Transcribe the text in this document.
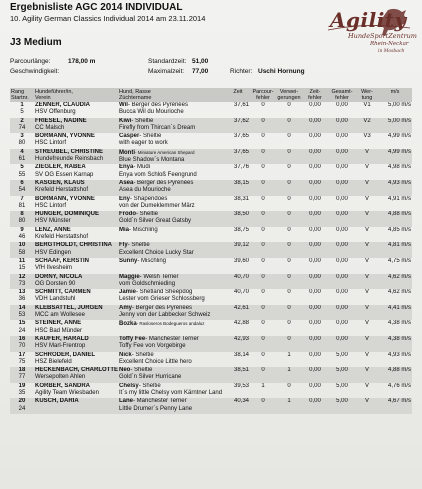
Ergebnisliste AGC 2014 INDIVIDUAL
10. Agility German Classics Individual 2014 am 23.11.2014	Agility
HundeSportZentrum
Rhein-Neckar
in Mosbach
J3 Medium
Parcourlänge:	178,00 m
Geschwindigkeit:
Standardzeit: 51,00
Maximalzeit: 77,00	Richter: Uschi Hornung
Rang
Startnr.	Hundeführer/in,
Verein	Hund, Rasse
Züchtername	Zeit	Parcour-fehler	Verwei-gerungen	Zeit-fehler	Gesamt-fehler	Wer-tung	m/s

1
5	ZENNER, CLAUDIA
HSV Offenburg	Wil- Berger des Pyrénées
Bucca Wil du Mourioche	37,61	0	0	0,00	0,00	V1	5,00 m/s

2
74	FRIESEL, NADINE
CC Malsch	Kiwi- Sheltie
Firefly from Thircan´s Dream	37,62	0	0	0,00	0,00	V2	5,00 m/s

3
80	BORMANN, YVONNE
HSC Lintorf	Casper- Sheltie
with eager to work	37,65	0	0	0,00	0,00	V3	4,99 m/s

4
61	STREUBEL, CHRISTINE
Hundefreunde Reinsbach	Monti- Miniature American Shepard
Blue Shadow´s Montana	37,65	0	0	0,00	0,00	V	4,99 m/s

5
55	ZIEGLER, RABEA
SV OG Essen Karnap	Enya- Mudi
Enya vom Schloß Feengrund	37,76	0	0	0,00	0,00	V	4,98 m/s

6
54	KÄSGEN, KLAUS
Krefeld Herstattshof	Asea- Berger des Pyrénées
Asea du Mourioche	38,15	0	0	0,00	0,00	V	4,93 m/s

7
81	BORMANN, YVONNE
HSC Lintorf	Eny- Shapendoes
von der Dumeklemmer März	38,31	0	0	0,00	0,00	V	4,91 m/s

8
80	HUNGER, DOMINIQUE
HSV Münster	Frodo- Sheltie
Gold´n Silver Great Gatsby	38,50	0	0	0,00	0,00	V	4,88 m/s

9
46	LENZ, ANNE
Krefeld Herstattshof	Mia- Mischling	38,75	0	0	0,00	0,00	V	4,85 m/s

10
58	BERGTHOLDT, CHRISTINA
HSV Edingen	Fly- Sheltie
Excellent Choice Lucky Star	39,12	0	0	0,00	0,00	V	4,81 m/s

11
15	SCHAAF, KERSTIN
VfH Ilvesheim	Sunny- Mischling	39,60	0	0	0,00	0,00	V	4,75 m/s

12
73	DORNY, NICOLA
OG Dorsten 90	Maggie- Welsh Terrier
vom Goldschmieding	40,70	0	0	0,00	0,00	V	4,62 m/s

13
36	SCHMITT, CARMEN
VDH Landstuhl	Jamie- Shetland Sheepdog
Lester vom Grieser Schlossberg	40,70	0	0	0,00	0,00	V	4,62 m/s

14
53	KLEBSATTEL, JÜRGEN
MCC am Wollesee	Amy- Berger des Pyrénées
Jenny von der Labbecker Schweiz	42,61	0	0	0,00	0,00	V	4,41 m/s

15
24	STEINER, ANNE
HSC Bad Münder	Bozka- Rasloseros Bodegueros andaluz	42,88	0	0	0,00	0,00	V	4,38 m/s

16
70	KÄUFER, HARALD
HSV Marl-Frentrop	Toffy Fee- Manchester Terrier
Toffy Fee von Vorgebirge	42,93	0	0	0,00	0,00	V	4,38 m/s

17
75	SCHRÖDER, DANIEL
HSZ Bielefeld	Nick- Sheltie
Excellent Choice Little hero	38,14	0	1	0,00	5,00	V	4,93 m/s

18
77	HECKENBACH, CHARLOTTE
Wersepolten Ahlen	Neo- Sheltie
Gold´n Silver Hurricane	38,51	0	1	0,00	5,00	V	4,88 m/s

19
35	KÖRBER, SANDRA
Agility Team Wiesbaden	Chelsy- Sheltie
It´s my little Chelsy vom Kärntner Land	39,53	1	0	0,00	5,00	V	4,76 m/s

20
24	KUSCH, DARIA	Lane- Manchester Terrier
Little Drumer´s Penny Lane	40,34	0	1	0,00	5,00	V	4,67 m/s
